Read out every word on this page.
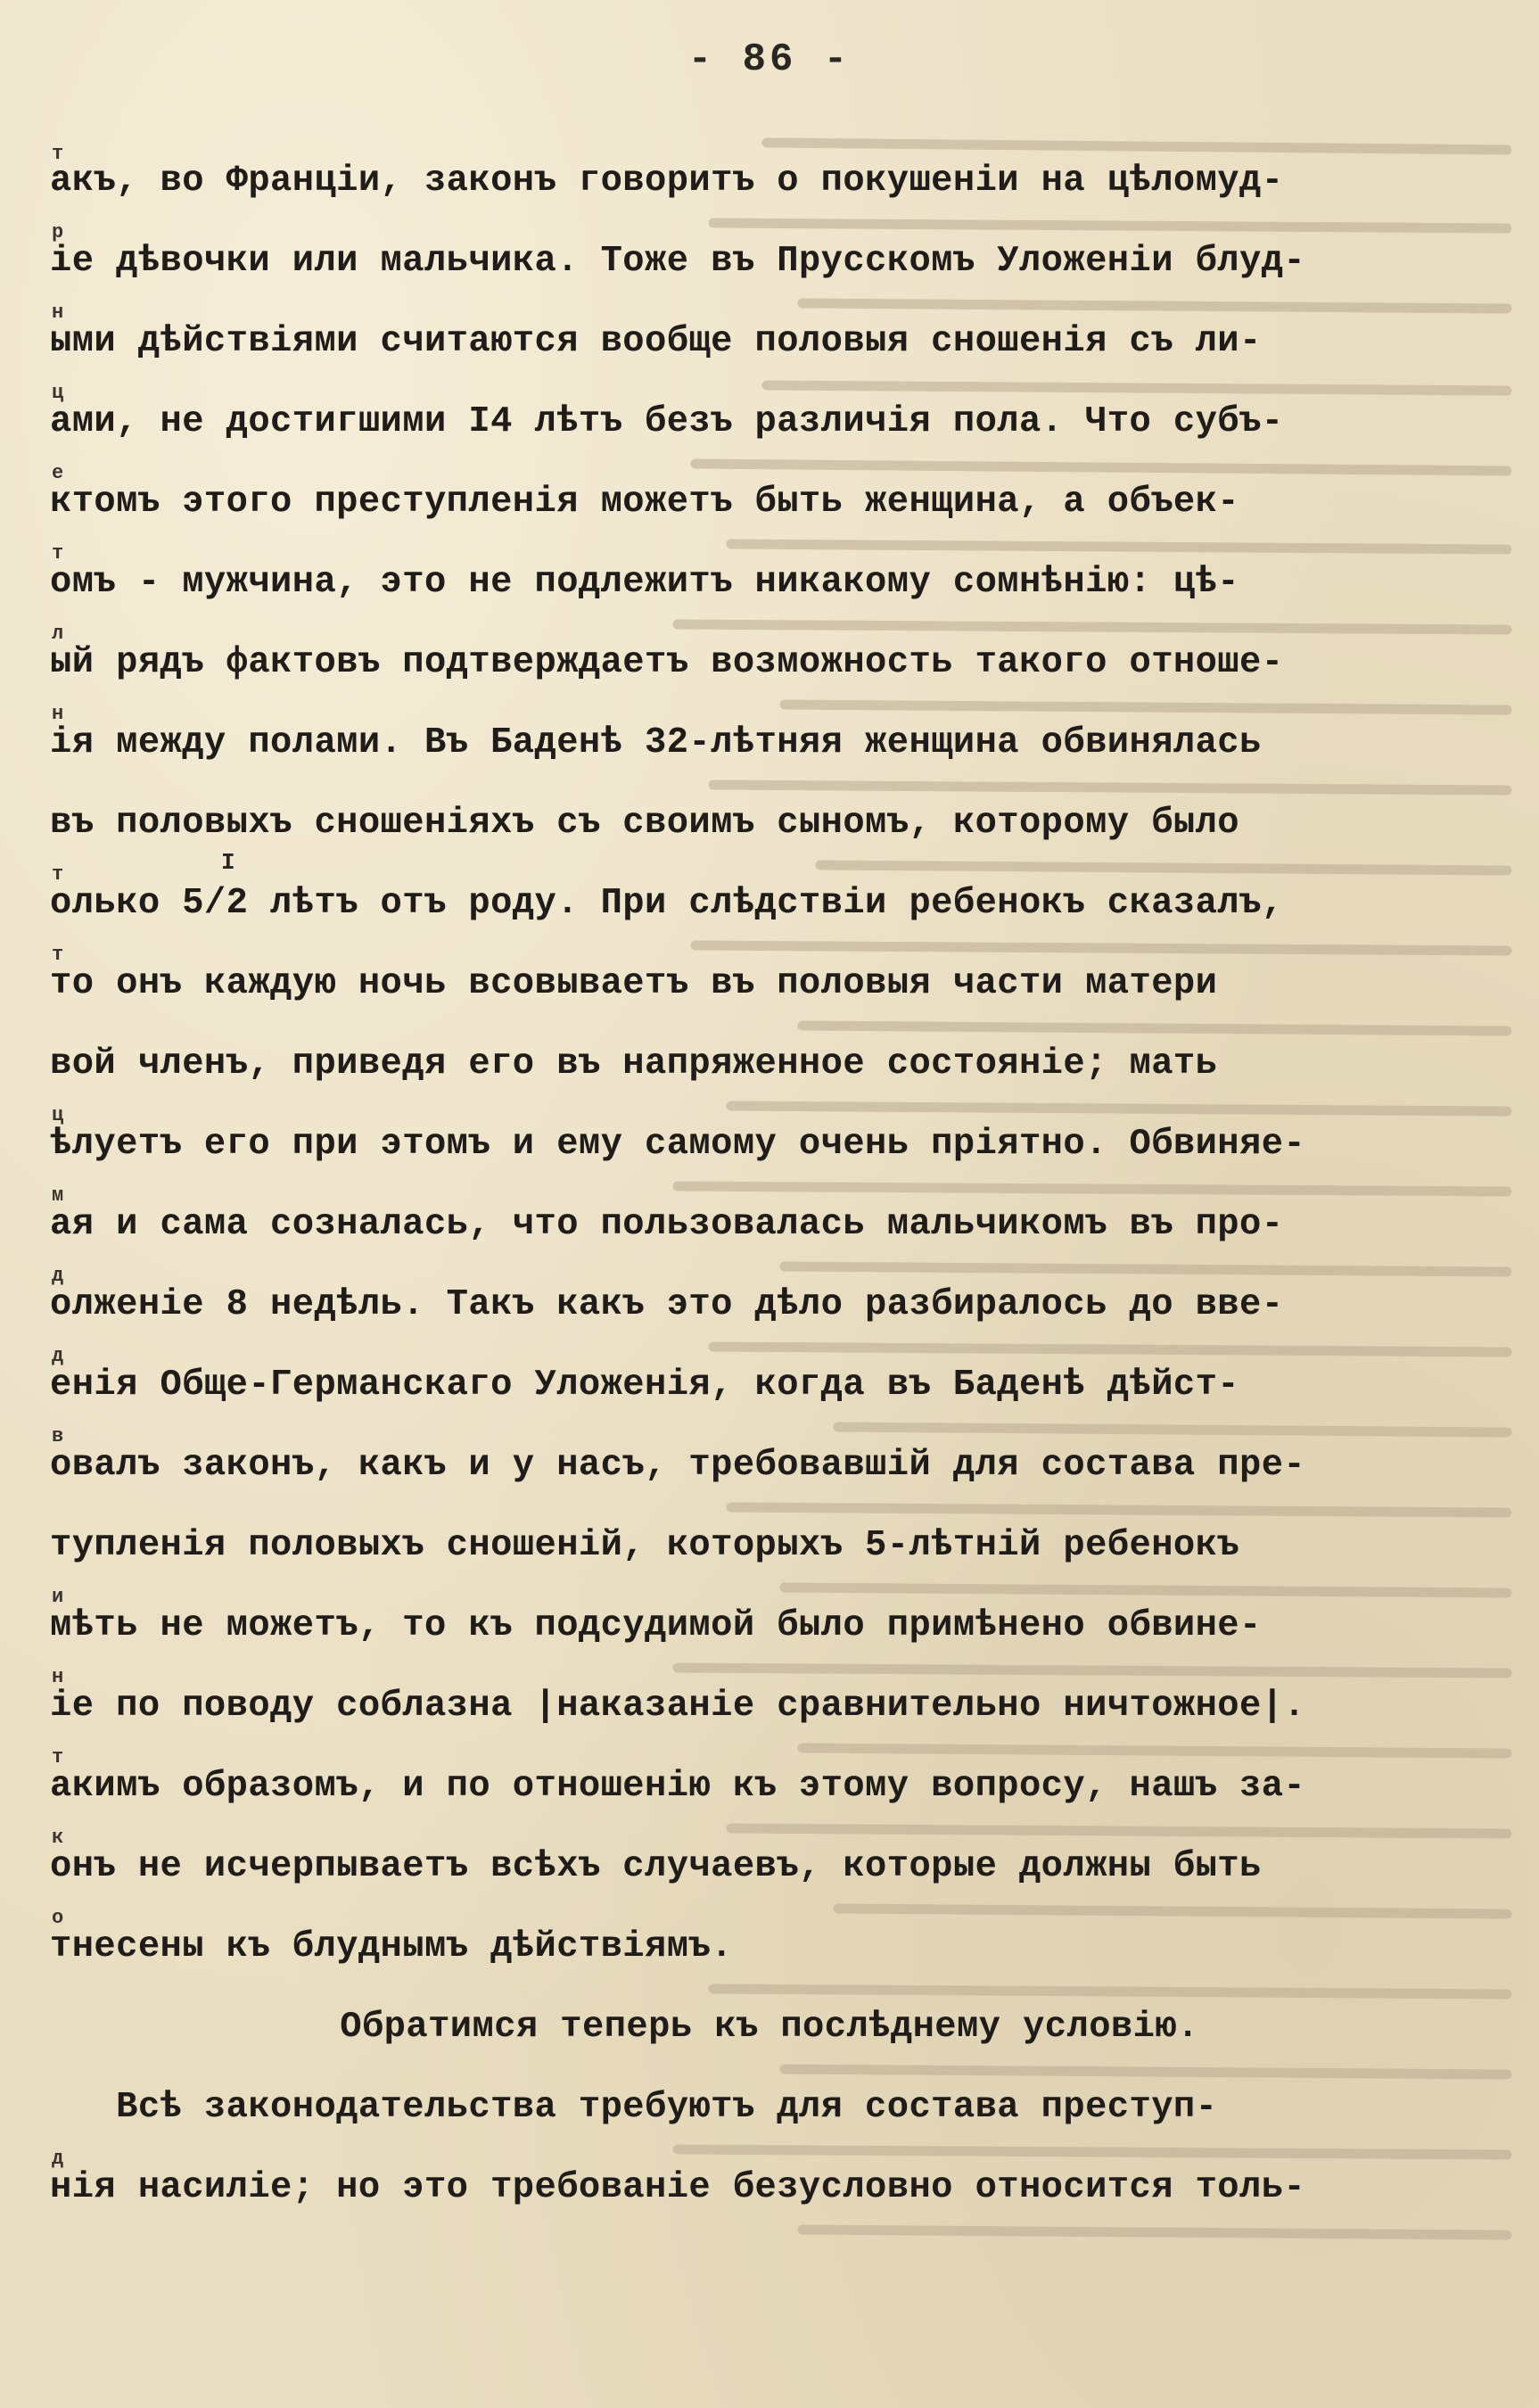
- 86 -
т
р
н
ц
е
т
л
н
т
т
ц
м
д
д
в
и
н
т
к
о
д
акъ, во Франціи, законъ говоритъ о покушеніи на цѣломуд-
іе дѣвочки или мальчика. Тоже въ Прусскомъ Уложеніи блуд-
ыми дѣйствіями считаются вообще половыя сношенія съ ли-
ами, не достигшими I4 лѣтъ безъ различія пола. Что субъ-
ктомъ этого преступленія можетъ быть женщина, а объек-
омъ - мужчина, это не подлежитъ никакому сомнѣнію: цѣ-
ый рядъ фактовъ подтверждаетъ возможность такого отноше-
ія между полами. Въ Баденѣ 32-лѣтняя женщина обвинялась
въ половыхъ сношеніяхъ съ своимъ сыномъ, которому было
I
олько 5/2 лѣтъ отъ роду. При слѣдствіи ребенокъ сказалъ,
то онъ каждую ночь всовываетъ въ половыя части матери
вой членъ, приведя его въ напряженное состояніе; мать
ѣлуетъ его при этомъ и ему самому очень пріятно. Обвиняе-
ая и сама созналась, что пользовалась мальчикомъ въ про-
олженіе 8 недѣль. Такъ какъ это дѣло разбиралось до вве-
енія Обще-Германскаго Уложенія, когда въ Баденѣ дѣйст-
овалъ законъ, какъ и у насъ, требовавшій для состава пре-
тупленія половыхъ сношеній, которыхъ 5-лѣтній ребенокъ
мѣть не можетъ, то къ подсудимой было примѣнено обвине-
іе по поводу соблазна |наказаніе сравнительно ничтожное|.
акимъ образомъ, и по отношенію къ этому вопросу, нашъ за-
онъ не исчерпываетъ всѣхъ случаевъ, которые должны быть
тнесены къ блуднымъ дѣйствіямъ.
Обратимся теперь къ послѣднему условію.
Всѣ законодательства требуютъ для состава преступ-
нія насиліе; но это требованіе безусловно относится толь-
